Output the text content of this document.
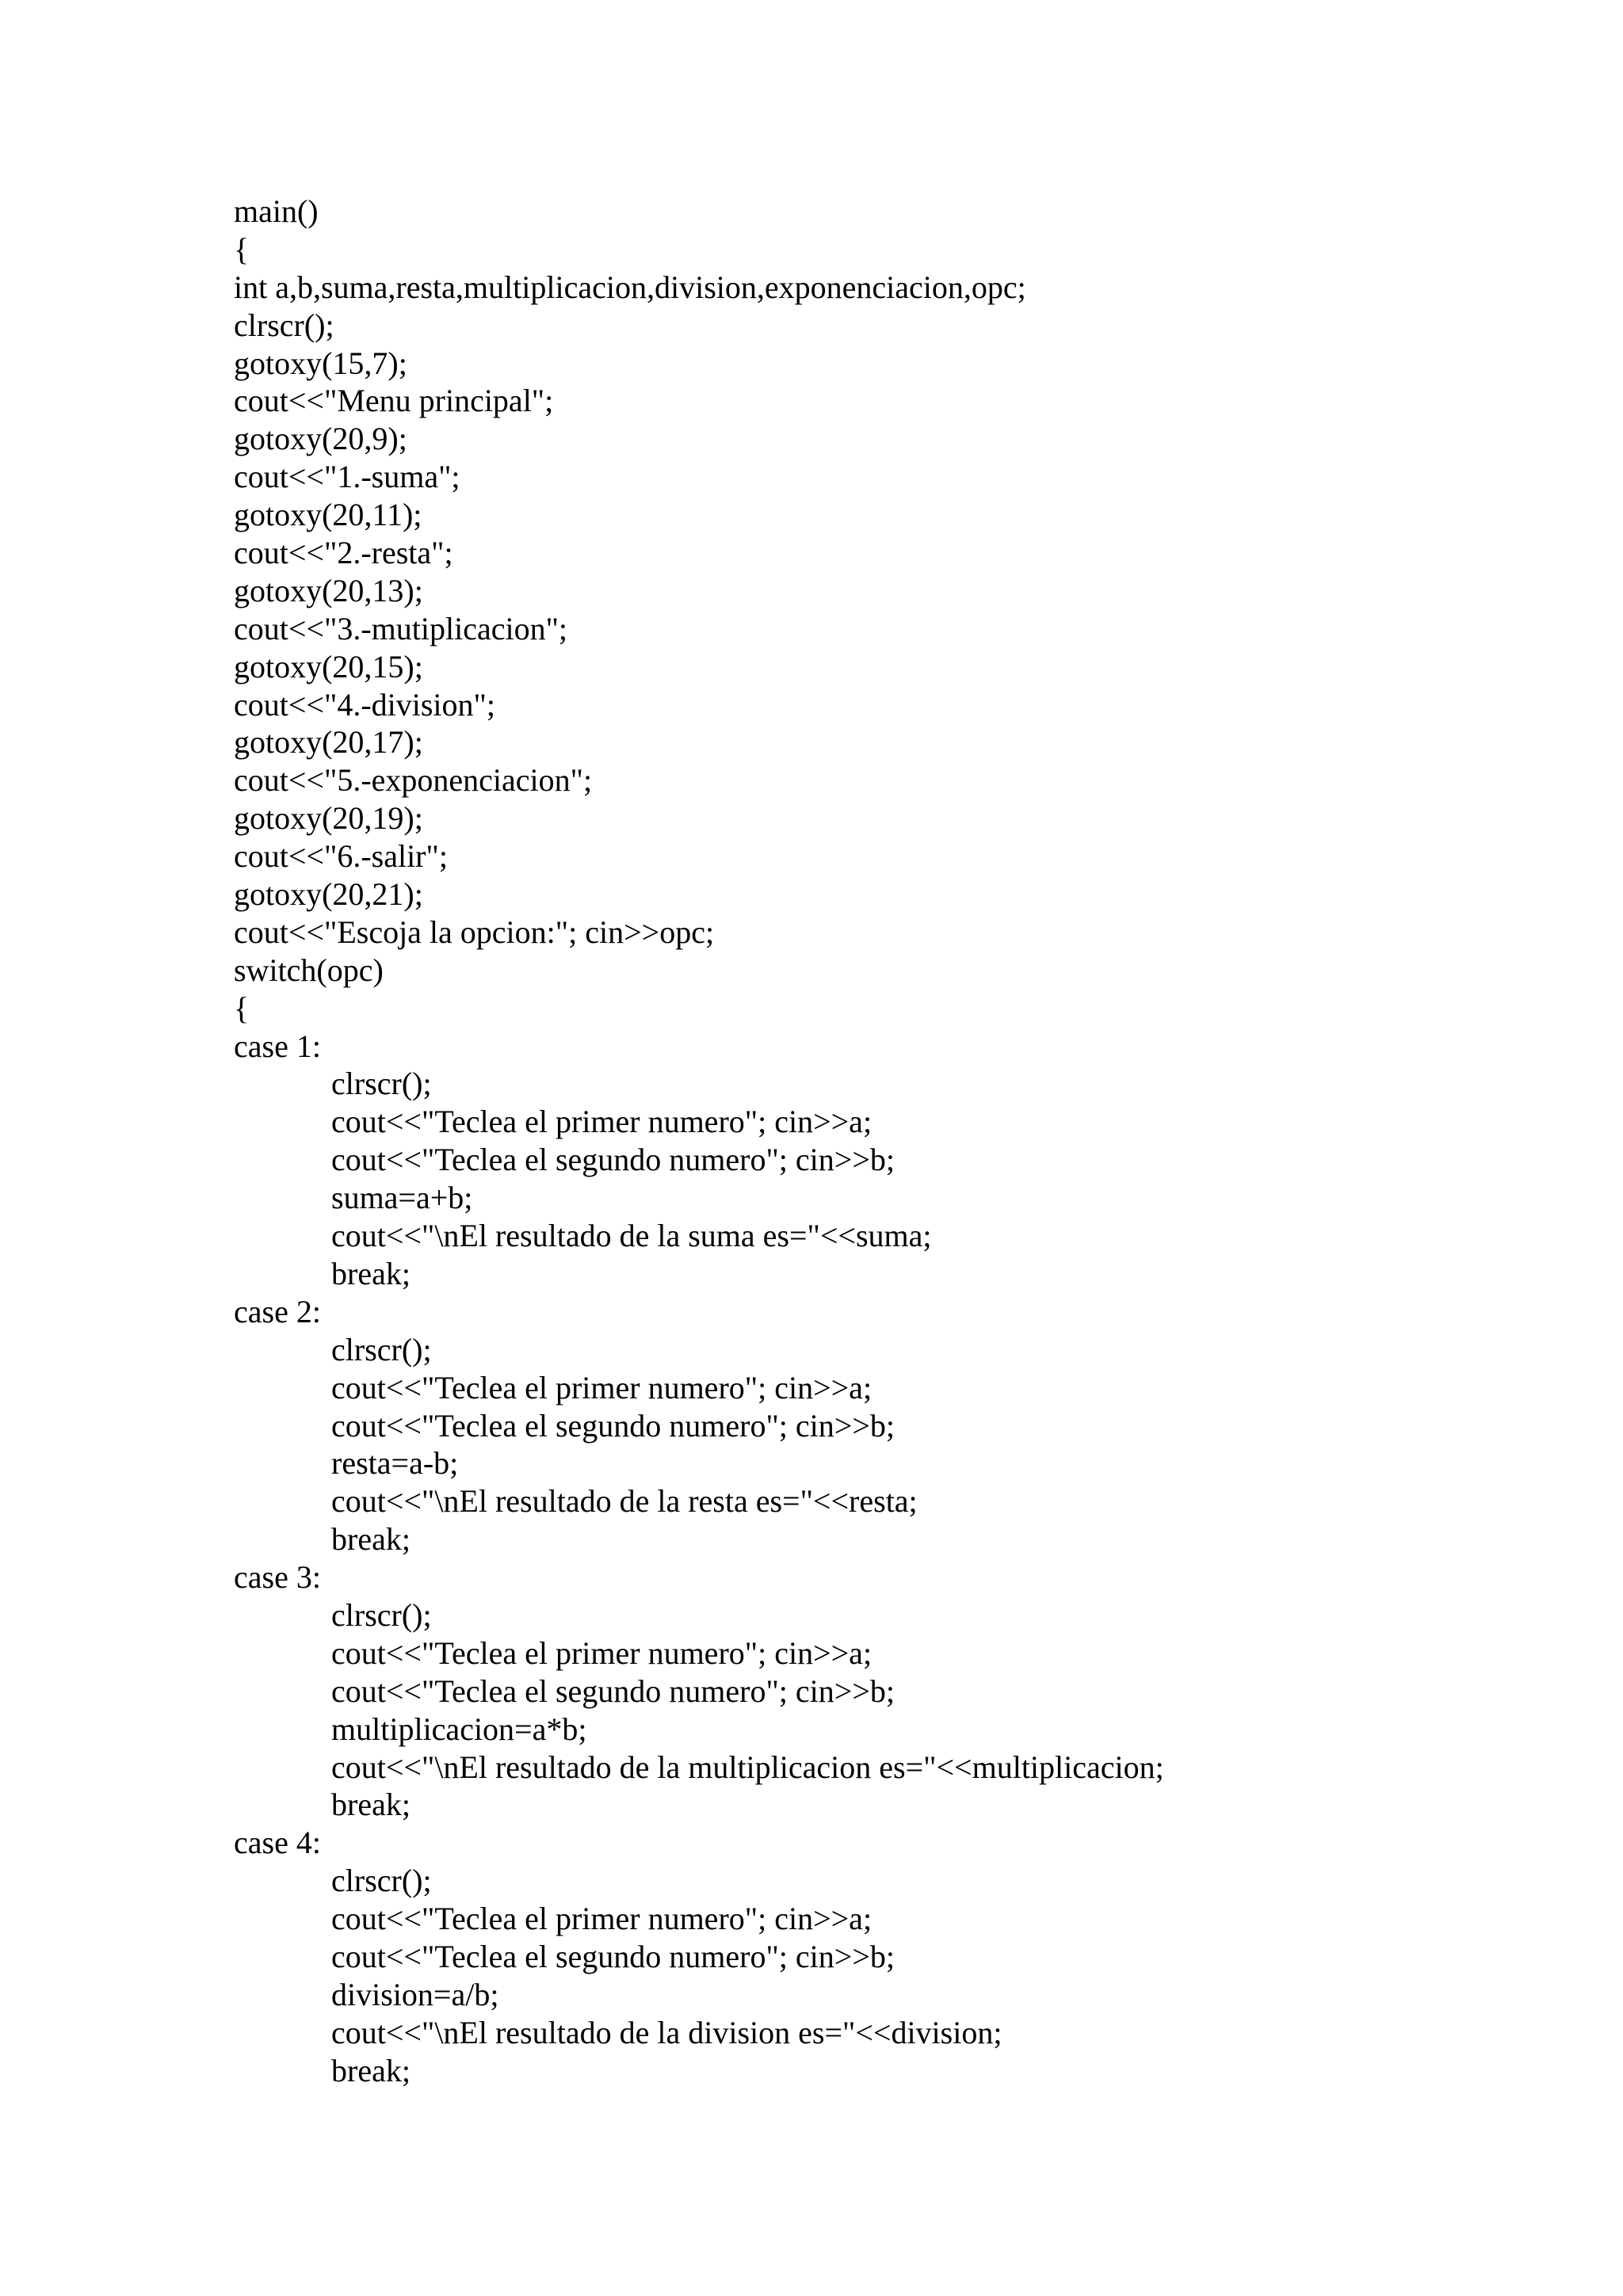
main()
{
int a,b,suma,resta,multiplicacion,division,exponenciacion,opc;
clrscr();
gotoxy(15,7);
cout<<"Menu principal";
gotoxy(20,9);
cout<<"1.-suma";
gotoxy(20,11);
cout<<"2.-resta";
gotoxy(20,13);
cout<<"3.-mutiplicacion";
gotoxy(20,15);
cout<<"4.-division";
gotoxy(20,17);
cout<<"5.-exponenciacion";
gotoxy(20,19);
cout<<"6.-salir";
gotoxy(20,21);
cout<<"Escoja la opcion:"; cin>>opc;
switch(opc)
{
case 1:
clrscr();
cout<<"Teclea el primer numero"; cin>>a;
cout<<"Teclea el segundo numero"; cin>>b;
suma=a+b;
cout<<"\nEl resultado de la suma es="<<suma;
break;
case 2:
clrscr();
cout<<"Teclea el primer numero"; cin>>a;
cout<<"Teclea el segundo numero"; cin>>b;
resta=a-b;
cout<<"\nEl resultado de la resta es="<<resta;
break;
case 3:
clrscr();
cout<<"Teclea el primer numero"; cin>>a;
cout<<"Teclea el segundo numero"; cin>>b;
multiplicacion=a*b;
cout<<"\nEl resultado de la multiplicacion es="<<multiplicacion;
break;
case 4:
clrscr();
cout<<"Teclea el primer numero"; cin>>a;
cout<<"Teclea el segundo numero"; cin>>b;
division=a/b;
cout<<"\nEl resultado de la division es="<<division;
break;
